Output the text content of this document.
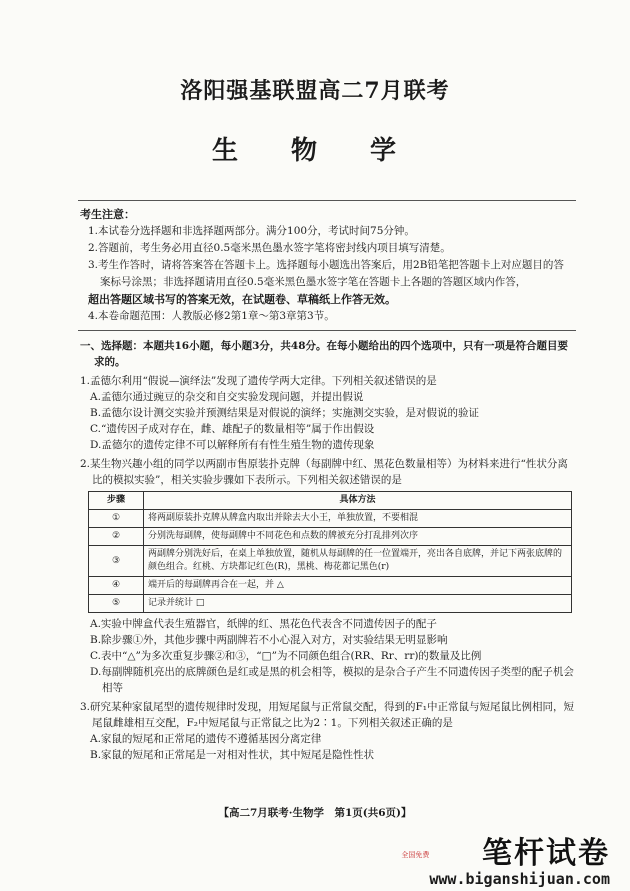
洛阳强基联盟高二7月联考
生 物 学
考生注意：
1.本试卷分选择题和非选择题两部分。满分100分，考试时间75分钟。
2.答题前，考生务必用直径0.5毫米黑色墨水签字笔将密封线内项目填写清楚。
3.考生作答时，请将答案答在答题卡上。选择题每小题选出答案后，用2B铅笔把答题卡上对应题目的答案标号涂黑；非选择题请用直径0.5毫米黑色墨水签字笔在答题卡上各题的答题区域内作答，
超出答题区域书写的答案无效，在试题卷、草稿纸上作答无效。
4.本卷命题范围：人教版必修2第1章～第3章第3节。
一、选择题：本题共16小题，每小题3分，共48分。在每小题给出的四个选项中，只有一项是符合题目要求的。
1.孟德尔利用“假说—演绎法”发现了遗传学两大定律。下列相关叙述错误的是
A.孟德尔通过豌豆的杂交和自交实验发现问题，并提出假说
B.孟德尔设计测交实验并预测结果是对假说的演绎；实施测交实验，是对假说的验证
C.“遗传因子成对存在，雌、雄配子的数量相等”属于作出假设
D.孟德尔的遗传定律不可以解释所有有性生殖生物的遗传现象
2.某生物兴趣小组的同学以两副市售原装扑克牌（每副牌中红、黑花色数量相等）为材料来进行“性状分离比的模拟实验”，相关实验步骤如下表所示。下列相关叙述错误的是
步骤	具体方法
①	将两副原装扑克牌从牌盒内取出并除去大小王，单独放置，不要相混
②	分别洗每副牌，使每副牌中不同花色和点数的牌被充分打乱排列次序
③	两副牌分别洗好后，在桌上单独放置，随机从每副牌的任一位置端开，亮出各自底牌，并记下两张底牌的颜色组合。红桃、方块都记红色(R)，黑桃、梅花都记黑色(r)
④	端开后的每副牌再合在一起，并 △
⑤	记录并统计 □
A.实验中牌盒代表生殖器官，纸牌的红、黑花色代表含不同遗传因子的配子
B.除步骤①外，其他步骤中两副牌若不小心混入对方，对实验结果无明显影响
C.表中“△”为多次重复步骤②和③，“□”为不同颜色组合(RR、Rr、rr)的数量及比例
D.每副牌随机亮出的底牌颜色是红或是黑的机会相等，模拟的是杂合子产生不同遗传因子类型的配子机会相等
3.研究某种家鼠尾型的遗传规律时发现，用短尾鼠与正常鼠交配，得到的F₁中正常鼠与短尾鼠比例相同，短尾鼠雌雄相互交配，F₂中短尾鼠与正常鼠之比为2∶1。下列相关叙述正确的是
A.家鼠的短尾和正常尾的遗传不遵循基因分离定律
B.家鼠的短尾和正常尾是一对相对性状，其中短尾是隐性性状
【高二7月联考·生物学　第1页(共6页)】
笔杆试卷
全国免费
www.biganshijuan.com
